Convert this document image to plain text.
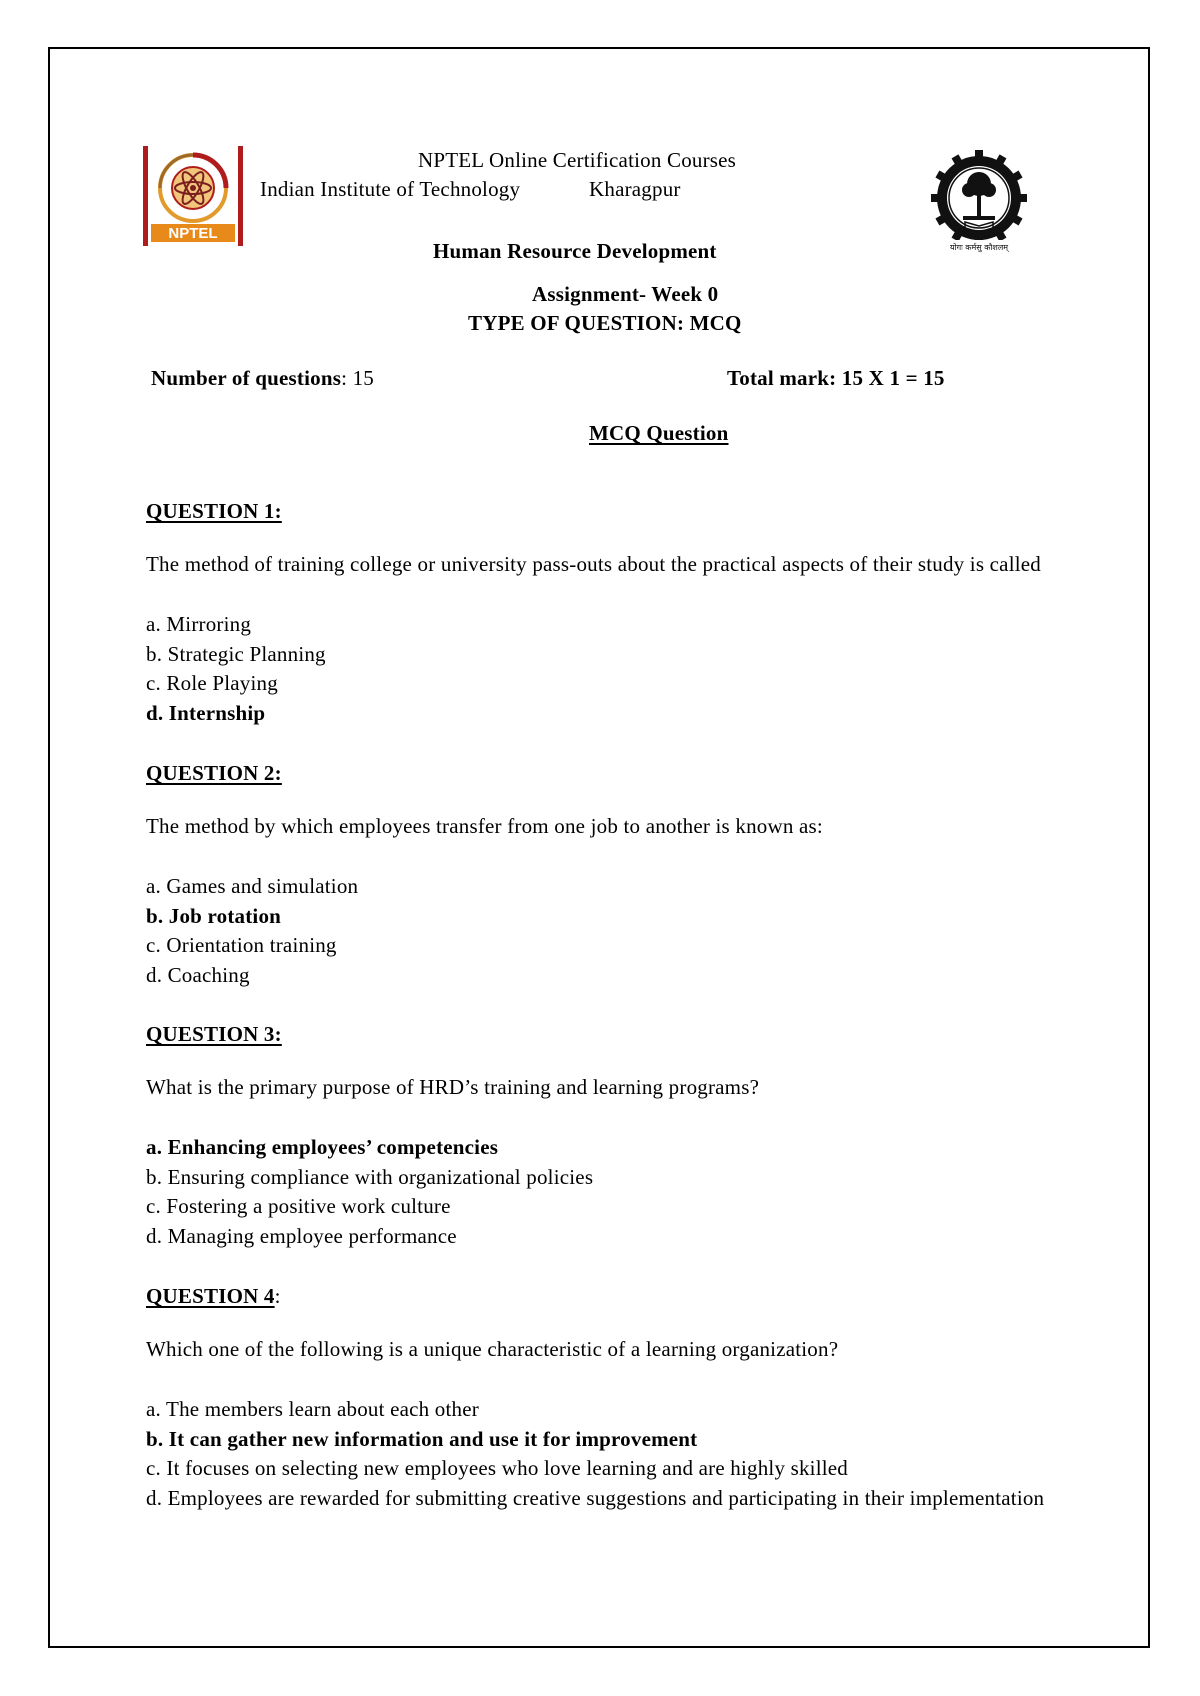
NPTEL
योगः कर्मसु कौशलम्
NPTEL Online Certification Courses
Indian Institute of Technology	Kharagpur
Human Resource Development
Assignment- Week 0
TYPE OF QUESTION: MCQ
Number of questions: 15	Total mark: 15 X 1 = 15
MCQ Question
QUESTION 1:
The method of training college or university pass-outs about the practical aspects of their study is called
a. Mirroring
b. Strategic Planning
c. Role Playing
d. Internship
QUESTION 2:
The method by which employees transfer from one job to another is known as:
a. Games and simulation
b. Job rotation
c. Orientation training
d. Coaching
QUESTION 3:
What is the primary purpose of HRD’s training and learning programs?
a. Enhancing employees’ competencies
b. Ensuring compliance with organizational policies
c. Fostering a positive work culture
d. Managing employee performance
QUESTION 4:
Which one of the following is a unique characteristic of a learning organization?
a. The members learn about each other
b. It can gather new information and use it for improvement
c. It focuses on selecting new employees who love learning and are highly skilled
d. Employees are rewarded for submitting creative suggestions and participating in their implementation
